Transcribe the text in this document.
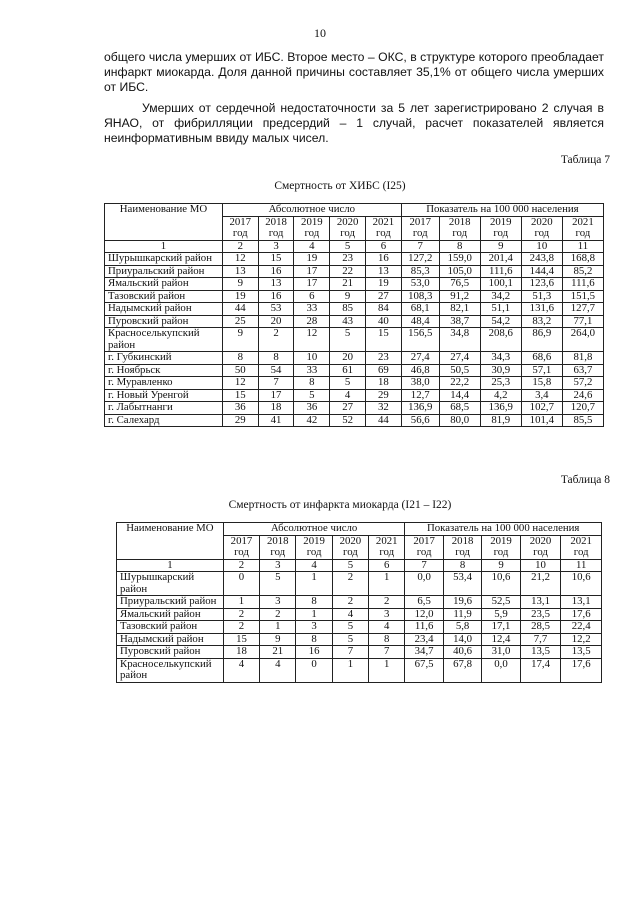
10

общего числа умерших от ИБС. Второе место – ОКС, в структуре которого преобладает инфаркт миокарда. Доля данной причины составляет 35,1% от общего числа умерших от ИБС.

Умерших от сердечной недостаточности за 5 лет зарегистрировано 2 случая в ЯНАО, от фибрилляции предсердий – 1 случай, расчет показателей является неинформативным ввиду малых чисел.

Таблица 7
Смертность от ХИБС (I25)
Наименование МО	Абсолютное число					Показатель на 100 000 населения				
	2017 год	2018 год	2019 год	2020 год	2021 год	2017 год	2018 год	2019 год	2020 год	2021 год
1	2	3	4	5	6	7	8	9	10	11
Шурышкарский район	12	15	19	23	16	127,2	159,0	201,4	243,8	168,8
Приуральский район	13	16	17	22	13	85,3	105,0	111,6	144,4	85,2
Ямальский район	9	13	17	21	19	53,0	76,5	100,1	123,6	111,6
Тазовский район	19	16	6	9	27	108,3	91,2	34,2	51,3	151,5
Надымский район	44	53	33	85	84	68,1	82,1	51,1	131,6	127,7
Пуровский район	25	20	28	43	40	48,4	38,7	54,2	83,2	77,1
Красноселькупский район	9	2	12	5	15	156,5	34,8	208,6	86,9	264,0
г. Губкинский	8	8	10	20	23	27,4	27,4	34,3	68,6	81,8
г. Ноябрьск	50	54	33	61	69	46,8	50,5	30,9	57,1	63,7
г. Муравленко	12	7	8	5	18	38,0	22,2	25,3	15,8	57,2
г. Новый Уренгой	15	17	5	4	29	12,7	14,4	4,2	3,4	24,6
г. Лабытнанги	36	18	36	27	32	136,9	68,5	136,9	102,7	120,7
г. Салехард	29	41	42	52	44	56,6	80,0	81,9	101,4	85,5
Таблица 8
Смертность от инфаркта миокарда (I21 – I22)
Наименование МО	Абсолютное число					Показатель на 100 000 населения				
	2017 год	2018 год	2019 год	2020 год	2021 год	2017 год	2018 год	2019 год	2020 год	2021 год
1	2	3	4	5	6	7	8	9	10	11
Шурышкарский район	0	5	1	2	1	0,0	53,4	10,6	21,2	10,6
Приуральский район	1	3	8	2	2	6,5	19,6	52,5	13,1	13,1
Ямальский район	2	2	1	4	3	12,0	11,9	5,9	23,5	17,6
Тазовский район	2	1	3	5	4	11,6	5,8	17,1	28,5	22,4
Надымский район	15	9	8	5	8	23,4	14,0	12,4	7,7	12,2
Пуровский район	18	21	16	7	7	34,7	40,6	31,0	13,5	13,5
Красноселькупский район	4	4	0	1	1	67,5	67,8	0,0	17,4	17,6
